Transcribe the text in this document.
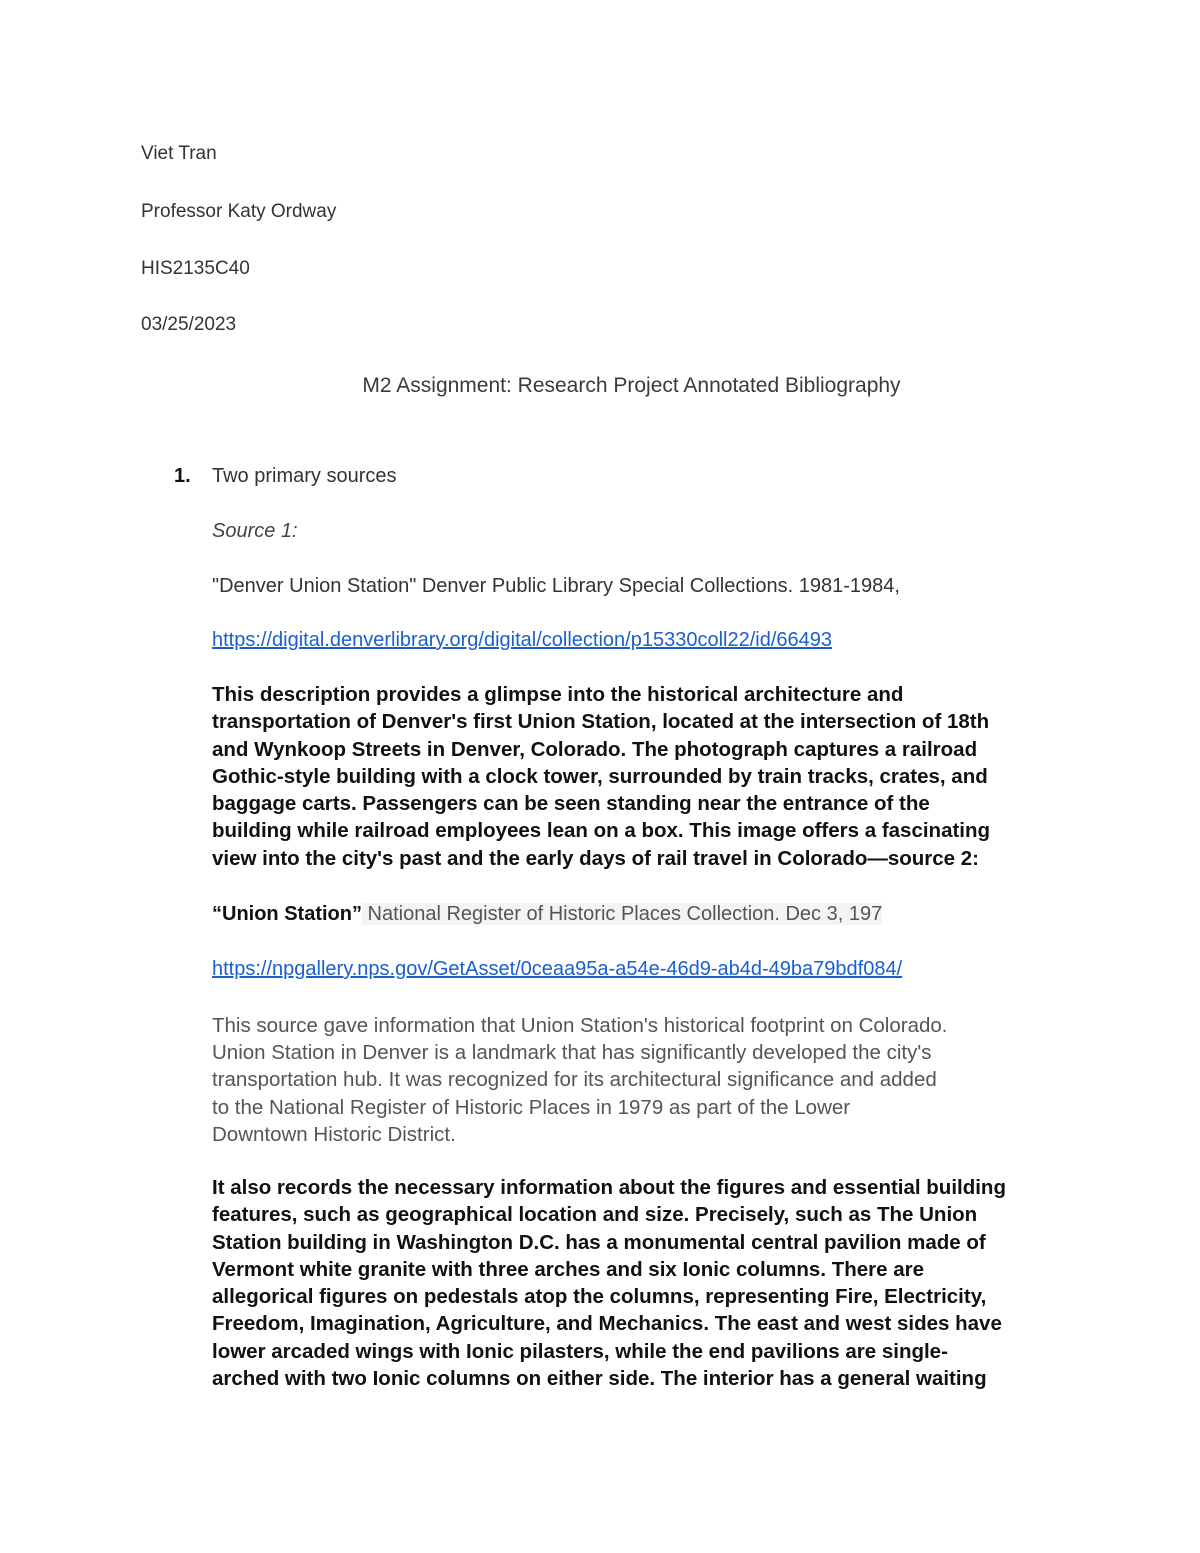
Viet Tran
Professor Katy Ordway
HIS2135C40
03/25/2023
M2 Assignment: Research Project Annotated Bibliography
1. Two primary sources
Source 1:
"Denver Union Station" Denver Public Library Special Collections. 1981-1984,
https://digital.denverlibrary.org/digital/collection/p15330coll22/id/66493
This description provides a glimpse into the historical architecture and
transportation of Denver's first Union Station, located at the intersection of 18th
and Wynkoop Streets in Denver, Colorado. The photograph captures a railroad
Gothic-style building with a clock tower, surrounded by train tracks, crates, and
baggage carts. Passengers can be seen standing near the entrance of the
building while railroad employees lean on a box. This image offers a fascinating
view into the city's past and the early days of rail travel in Colorado—source 2:
“Union Station” National Register of Historic Places Collection. Dec 3, 197
https://npgallery.nps.gov/GetAsset/0ceaa95a-a54e-46d9-ab4d-49ba79bdf084/
This source gave information that Union Station's historical footprint on Colorado.
Union Station in Denver is a landmark that has significantly developed the city's
transportation hub. It was recognized for its architectural significance and added
to the National Register of Historic Places in 1979 as part of the Lower
Downtown Historic District.
It also records the necessary information about the figures and essential building
features, such as geographical location and size. Precisely, such as The Union
Station building in Washington D.C. has a monumental central pavilion made of
Vermont white granite with three arches and six Ionic columns. There are
allegorical figures on pedestals atop the columns, representing Fire, Electricity,
Freedom, Imagination, Agriculture, and Mechanics. The east and west sides have
lower arcaded wings with Ionic pilasters, while the end pavilions are single-
arched with two Ionic columns on either side. The interior has a general waiting
